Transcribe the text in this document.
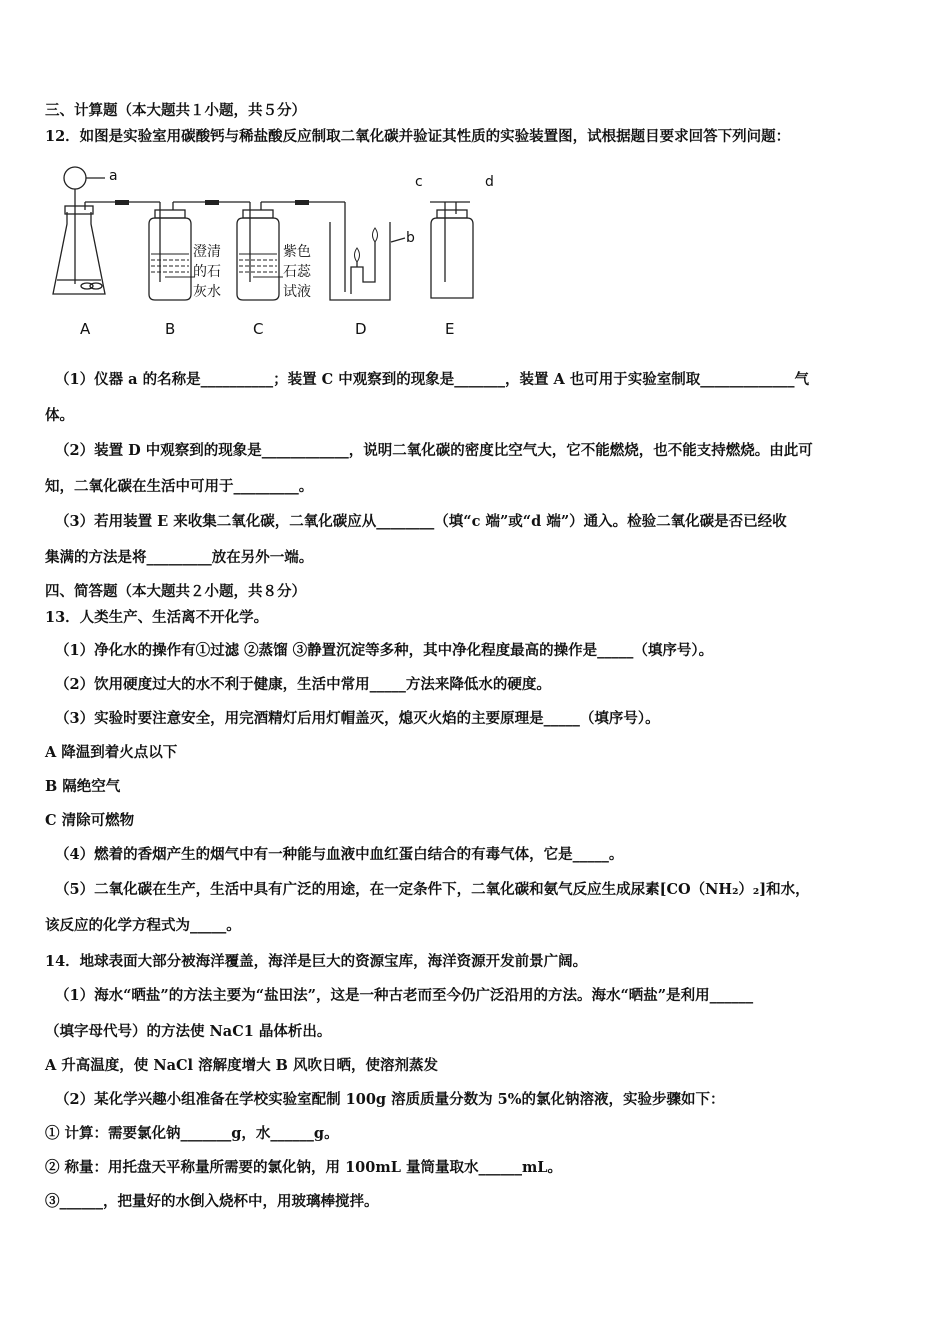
三、计算题（本大题共１小题，共５分）
12．如图是实验室用碳酸钙与稀盐酸反应制取二氧化碳并验证其性质的实验装置图，试根据题目要求回答下列问题：
a
b
c	d
澄清
的石
灰水
紫色
石蕊
试液
A	B	C	D	E
（1）仪器 a 的名称是__________；装置 C 中观察到的现象是_______，装置 A 也可用于实验室制取_____________气
体。
（2）装置 D 中观察到的现象是____________，说明二氧化碳的密度比空气大，它不能燃烧，也不能支持燃烧。由此可
知，二氧化碳在生活中可用于_________。
（3）若用装置 E 来收集二氧化碳，二氧化碳应从________（填“c 端”或“d 端”）通入。检验二氧化碳是否已经收
集满的方法是将_________放在另外一端。
四、简答题（本大题共２小题，共８分）
13．人类生产、生活离不开化学。
（1）净化水的操作有①过滤 ②蒸馏 ③静置沉淀等多种，其中净化程度最高的操作是_____（填序号）。
（2）饮用硬度过大的水不利于健康，生活中常用_____方法来降低水的硬度。
（3）实验时要注意安全，用完酒精灯后用灯帽盖灭，熄灭火焰的主要原理是_____（填序号）。
A 降温到着火点以下
B 隔绝空气
C 清除可燃物
（4）燃着的香烟产生的烟气中有一种能与血液中血红蛋白结合的有毒气体，它是_____。
（5）二氧化碳在生产，生活中具有广泛的用途，在一定条件下，二氧化碳和氨气反应生成尿素[CO（NH₂）₂]和水，
该反应的化学方程式为_____。
14．地球表面大部分被海洋覆盖，海洋是巨大的资源宝库，海洋资源开发前景广阔。
（1）海水“晒盐”的方法主要为“盐田法”，这是一种古老而至今仍广泛沿用的方法。海水“晒盐”是利用______
（填字母代号）的方法使 NaC1 晶体析出。
A 升高温度，使 NaCl 溶解度增大 B 风吹日晒，使溶剂蒸发
（2）某化学兴趣小组准备在学校实验室配制 100g 溶质质量分数为 5%的氯化钠溶液，实验步骤如下：
① 计算：需要氯化钠_______g，水______g。
② 称量：用托盘天平称量所需要的氯化钠，用 100mL 量筒量取水______mL。
③______，把量好的水倒入烧杯中，用玻璃棒搅拌。
